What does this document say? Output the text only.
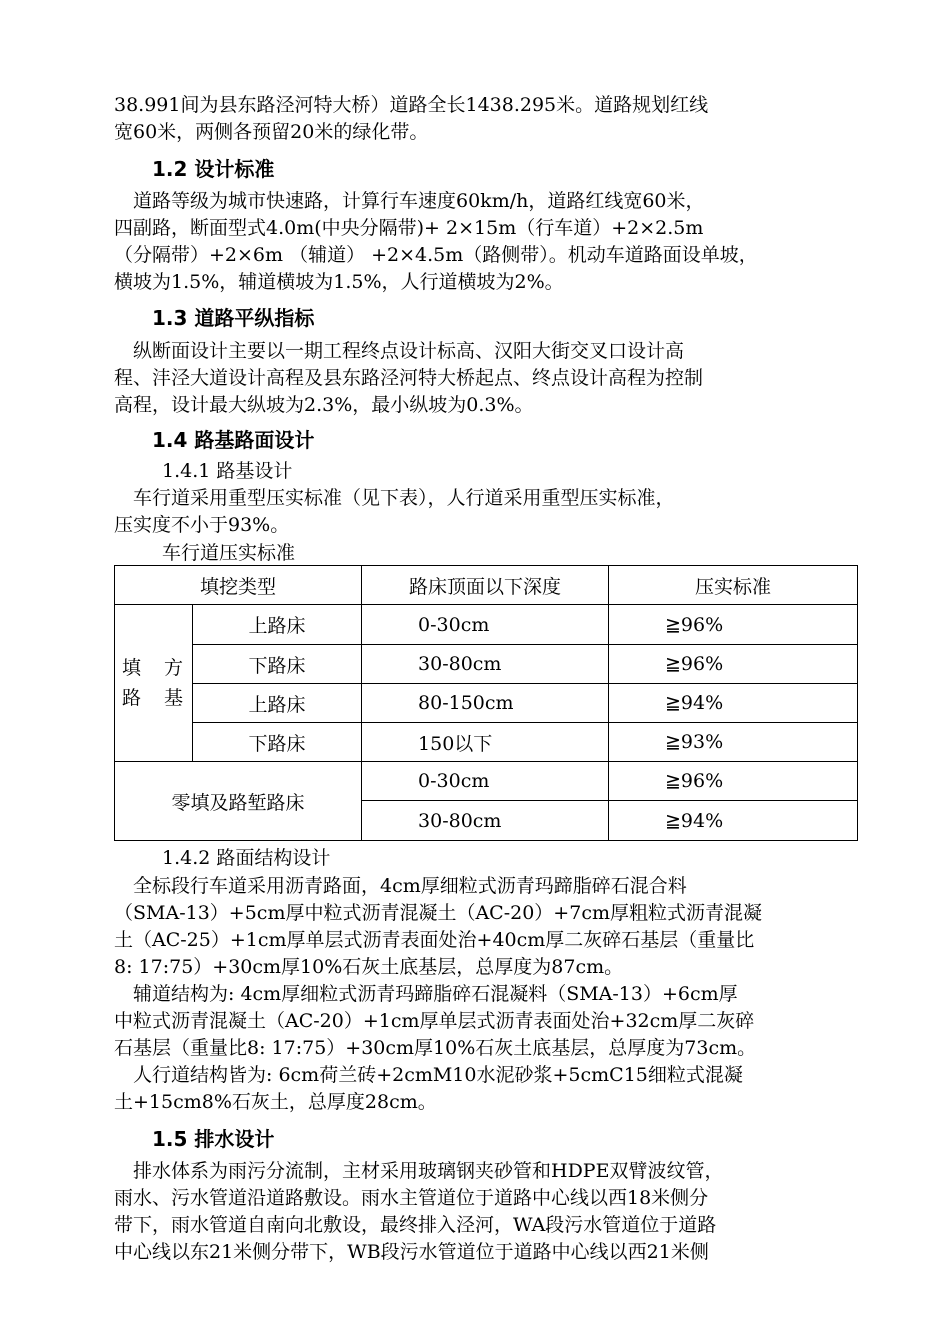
38.991间为县东路泾河特大桥）道路全长1438.295米。道路规划红线

宽60米，两侧各预留20米的绿化带。

1.2 设计标准

　道路等级为城市快速路，计算行车速度60km/h，道路红线宽60米，

四副路，断面型式4.0m(中央分隔带)+ 2×15m（行车道）+2×2.5m

（分隔带）+2×6m （辅道） +2×4.5m（路侧带）。机动车道路面设单坡，

横坡为1.5%，辅道横坡为1.5%，人行道横坡为2%。

1.3 道路平纵指标

　纵断面设计主要以一期工程终点设计标高、汉阳大街交叉口设计高

程、沣泾大道设计高程及县东路泾河特大桥起点、终点设计高程为控制

高程，设计最大纵坡为2.3%，最小纵坡为0.3%。

1.4 路基路面设计

1.4.1 路基设计

　车行道采用重型压实标准（见下表），人行道采用重型压实标准，

压实度不小于93%。

车行道压实标准

填挖类型		路床顶面以下深度	压实标准

填　方
路　基	上路床	0-30cm	≧96%
	下路床	30-80cm	≧96%
	上路床	80-150cm	≧94%
	下路床	150以下	≧93%
零填及路堑路床		0-30cm	≧96%
		30-80cm	≧94%

1.4.2 路面结构设计

　全标段行车道采用沥青路面，4cm厚细粒式沥青玛蹄脂碎石混合料

（SMA-13）+5cm厚中粒式沥青混凝土（AC-20）+7cm厚粗粒式沥青混凝

土（AC-25）+1cm厚单层式沥青表面处治+40cm厚二灰碎石基层（重量比

8: 17:75）+30cm厚10%石灰土底基层，总厚度为87cm。

　辅道结构为: 4cm厚细粒式沥青玛蹄脂碎石混凝料（SMA-13）+6cm厚

中粒式沥青混凝土（AC-20）+1cm厚单层式沥青表面处治+32cm厚二灰碎

石基层（重量比8: 17:75）+30cm厚10%石灰土底基层，总厚度为73cm。

　人行道结构皆为: 6cm荷兰砖+2cmM10水泥砂浆+5cmC15细粒式混凝

土+15cm8%石灰土，总厚度28cm。

1.5 排水设计

　排水体系为雨污分流制，主材采用玻璃钢夹砂管和HDPE双臂波纹管，

雨水、污水管道沿道路敷设。雨水主管道位于道路中心线以西18米侧分

带下，雨水管道自南向北敷设，最终排入泾河，WA段污水管道位于道路

中心线以东21米侧分带下，WB段污水管道位于道路中心线以西21米侧
